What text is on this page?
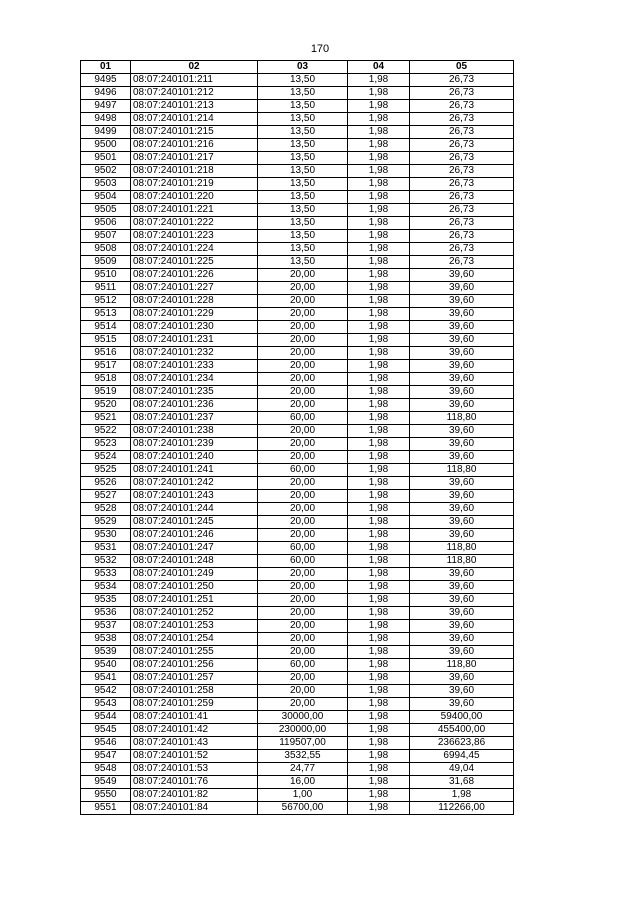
170
01	02	03	04	05
9495	08:07:240101:211	13,50	1,98	26,73
9496	08:07:240101:212	13,50	1,98	26,73
9497	08:07:240101:213	13,50	1,98	26,73
9498	08:07:240101:214	13,50	1,98	26,73
9499	08:07:240101:215	13,50	1,98	26,73
9500	08:07:240101:216	13,50	1,98	26,73
9501	08:07:240101:217	13,50	1,98	26,73
9502	08:07:240101:218	13,50	1,98	26,73
9503	08:07:240101:219	13,50	1,98	26,73
9504	08:07:240101:220	13,50	1,98	26,73
9505	08:07:240101:221	13,50	1,98	26,73
9506	08:07:240101:222	13,50	1,98	26,73
9507	08:07:240101:223	13,50	1,98	26,73
9508	08:07:240101:224	13,50	1,98	26,73
9509	08:07:240101:225	13,50	1,98	26,73
9510	08:07:240101:226	20,00	1,98	39,60
9511	08:07:240101:227	20,00	1,98	39,60
9512	08:07:240101:228	20,00	1,98	39,60
9513	08:07:240101:229	20,00	1,98	39,60
9514	08:07:240101:230	20,00	1,98	39,60
9515	08:07:240101:231	20,00	1,98	39,60
9516	08:07:240101:232	20,00	1,98	39,60
9517	08:07:240101:233	20,00	1,98	39,60
9518	08:07:240101:234	20,00	1,98	39,60
9519	08:07:240101:235	20,00	1,98	39,60
9520	08:07:240101:236	20,00	1,98	39,60
9521	08:07:240101:237	60,00	1,98	118,80
9522	08:07:240101:238	20,00	1,98	39,60
9523	08:07:240101:239	20,00	1,98	39,60
9524	08:07:240101:240	20,00	1,98	39,60
9525	08:07:240101:241	60,00	1,98	118,80
9526	08:07:240101:242	20,00	1,98	39,60
9527	08:07:240101:243	20,00	1,98	39,60
9528	08:07:240101:244	20,00	1,98	39,60
9529	08:07:240101:245	20,00	1,98	39,60
9530	08:07:240101:246	20,00	1,98	39,60
9531	08:07:240101:247	60,00	1,98	118,80
9532	08:07:240101:248	60,00	1,98	118,80
9533	08:07:240101:249	20,00	1,98	39,60
9534	08:07:240101:250	20,00	1,98	39,60
9535	08:07:240101:251	20,00	1,98	39,60
9536	08:07:240101:252	20,00	1,98	39,60
9537	08:07:240101:253	20,00	1,98	39,60
9538	08:07:240101:254	20,00	1,98	39,60
9539	08:07:240101:255	20,00	1,98	39,60
9540	08:07:240101:256	60,00	1,98	118,80
9541	08:07:240101:257	20,00	1,98	39,60
9542	08:07:240101:258	20,00	1,98	39,60
9543	08:07:240101:259	20,00	1,98	39,60
9544	08:07:240101:41	30000,00	1,98	59400,00
9545	08:07:240101:42	230000,00	1,98	455400,00
9546	08:07:240101:43	119507,00	1,98	236623,86
9547	08:07:240101:52	3532,55	1,98	6994,45
9548	08:07:240101:53	24,77	1,98	49,04
9549	08:07:240101:76	16,00	1,98	31,68
9550	08:07:240101:82	1,00	1,98	1,98
9551	08:07:240101:84	56700,00	1,98	112266,00
